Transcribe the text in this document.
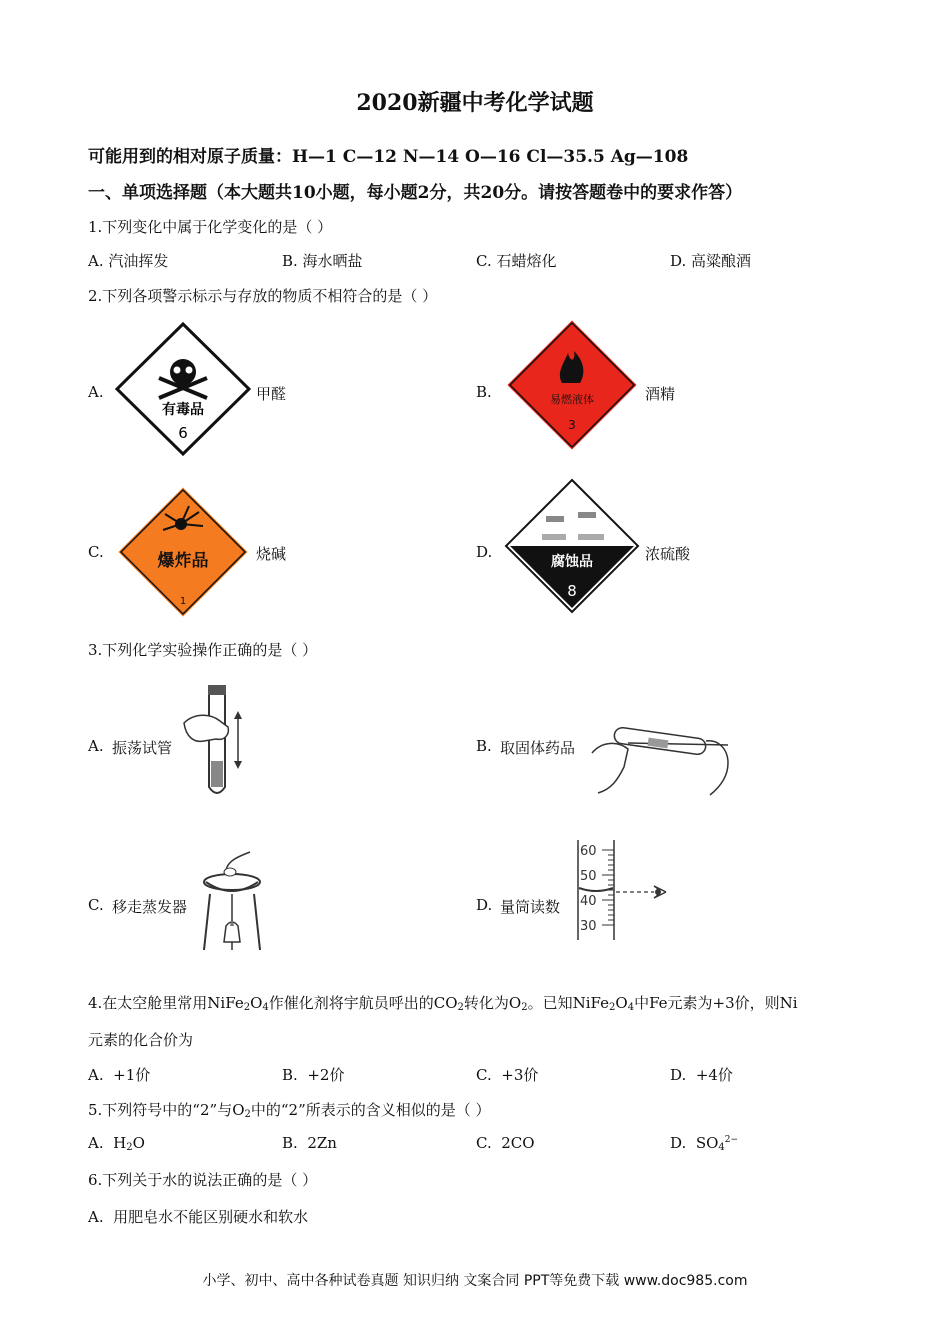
2020新疆中考化学试题
可能用到的相对原子质量：H—1 C—12 N—14 O—16 Cl—35.5 Ag—108
一、单项选择题（本大题共10小题，每小题2分，共20分。请按答题卷中的要求作答）
1.下列变化中属于化学变化的是（ ）
A. 汽油挥发	B. 海水晒盐	C. 石蜡熔化	D. 高粱酿酒
2.下列各项警示标示与存放的物质不相符合的是（ ）
A.
有毒品
6
甲醛	B.	易燃液体
3
酒精
C.	爆炸品
1
烧碱	D.
腐蚀品
8
浓硫酸
3.下列化学实验操作正确的是（ ）
A. 振荡试管	B. 取固体药品
C. 移走蒸发器	D. 量筒读数
60
50
40
30
4.在太空舱里常用$NiFe_2O_4$作催化剂将宇航员呼出的$CO_2$转化为$O_2$。已知$NiFe_2O_4$中Fe元素为+3价，则Ni
元素的化合价为
A. +1价	B. +2价	C. +3价	D. +4价
5.下列符号中的“2”与$O_2$中的“2”所表示的含义相似的是（ ）
A. $H_2O$	B. 2Zn	C. 2CO	D. $SO_4^{2-}$
6.下列关于水的说法正确的是（ ）
A. 用肥皂水不能区别硬水和软水
小学、初中、高中各种试卷真题 知识归纳 文案合同 PPT等免费下载 www.doc985.com
